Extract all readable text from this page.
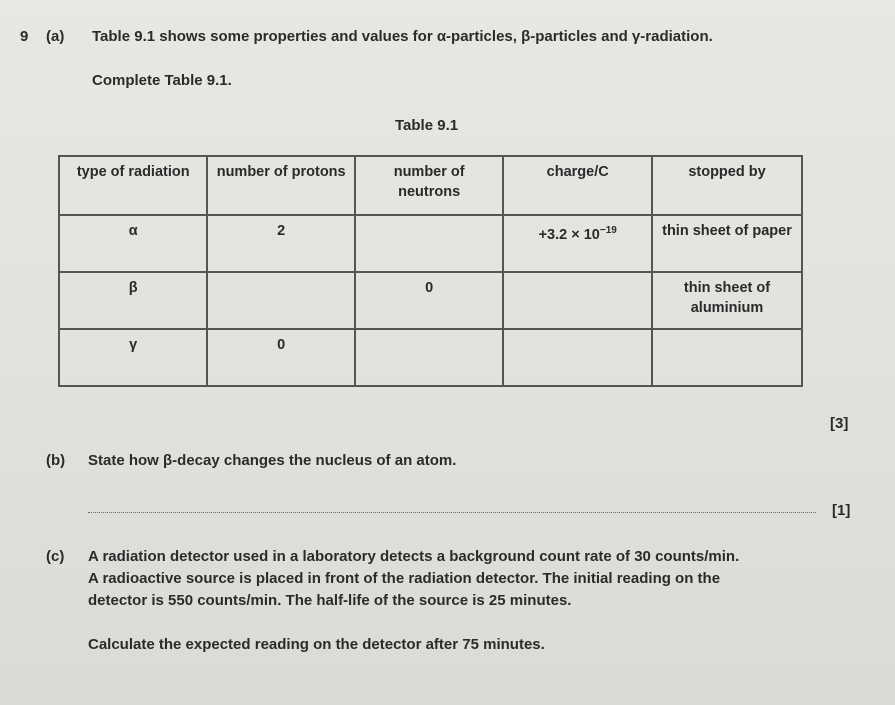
9 (a) Table 9.1 shows some properties and values for α-particles, β-particles and γ-radiation.
Complete Table 9.1.
Table 9.1
type of radiation	number of protons	number of neutrons	charge/C	stopped by
α	2		$+3.2 \times 10^{-19}$	thin sheet of paper
β		0		thin sheet of aluminium
γ	0			
[3]
(b) State how β-decay changes the nucleus of an atom.
[1]
(c) A radiation detector used in a laboratory detects a background count rate of 30 counts/min.
A radioactive source is placed in front of the radiation detector. The initial reading on the
detector is 550 counts/min. The half-life of the source is 25 minutes.
Calculate the expected reading on the detector after 75 minutes.
